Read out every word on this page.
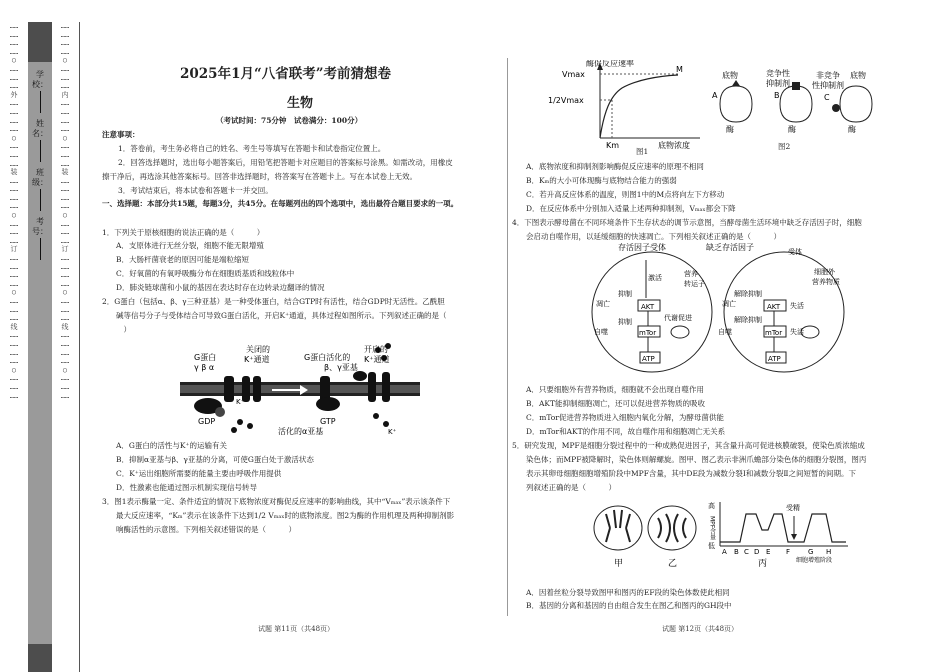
……
……
……
……
○
……
……
……
外
……
……
……
……
○
……
……
……
装
……
……
……
……
○
……
……
……
订
……
……
……
……
○
……
……
……
线
……
……
……
……
○
……
……
……
学校：
姓名：
班级：
考号：
……
……
……
……
○
……
……
……
内
……
……
……
……
○
……
……
……
装
……
……
……
……
○
……
……
……
订
……
……
……
……
○
……
……
……
线
……
……
……
……
○
……
……
……
2025年1月“八省联考”考前猜想卷
生物
（考试时间：75分钟　试卷满分：100分）
注意事项：
1．答卷前，考生务必将自己的姓名、考生号等填写在答题卡和试卷指定位置上。
2．回答选择题时，选出每小题答案后，用铅笔把答题卡对应题目的答案标号涂黑。如需改动，用橡皮
擦干净后，再选涂其他答案标号。回答非选择题时，将答案写在答题卡上。写在本试卷上无效。
3．考试结束后，将本试卷和答题卡一并交回。
一、选择题：本部分共15题，每题3分，共45分。在每题列出的四个选项中，选出最符合题目要求的一项。
1．下列关于原核细胞的说法正确的是（　　　）
A．支原体进行无丝分裂，细胞不能无限增殖
B．大肠杆菌衰老的原因可能是端粒缩短
C．好氧菌的有氧呼吸酶分布在细胞质基质和线粒体中
D．肺炎链球菌和小鼠的基因在表达时存在边转录边翻译的情况
2．G蛋白（包括α、β、γ三种亚基）是一种受体蛋白，结合GTP时有活性，结合GDP时无活性。乙酰胆
碱等信号分子与受体结合可导致G蛋白活化，开启K⁺通道，具体过程如图所示。下列叙述正确的是（
　）
G蛋白
γ β α
关闭的
K⁺通道	G蛋白活化的
β、γ亚基
开启的
K⁺通道
GDP	GTP
K⁺
K⁺
活化的α亚基
A．G蛋白的活性与K⁺的运输有关
B．抑制α亚基与β、γ亚基的分离，可使G蛋白处于激活状态
C．K⁺运出细胞所需要的能量主要由呼吸作用提供
D．性激素也能通过图示机制实现信号转导
3．图1表示酶量一定、条件适宜的情况下底物浓度对酶促反应速率的影响曲线，其中“Vₘₐₓ”表示该条件下
最大反应速率，“Kₘ”表示在该条件下达到1/2 Vₘₐₓ时的底物浓度。图2为酶的作用机理及两种抑制剂影
响酶活性的示意图。下列相关叙述错误的是（　　　）
试题 第11页（共48页）
酶促反应速率
Vmax
1/2Vmax
Km	底物浓度
M
图1
底物
A
酶
竞争性
抑制剂
B
酶
非竞争
性抑制剂
C
底物
酶
图2
A．底物浓度和抑制剂影响酶促反应速率的原理不相同
B．Kₘ的大小可体现酶与底物结合能力的强弱
C．若升高反应体系的温度，则图1中的M点将向左下方移动
D．在反应体系中分别加入适量上述两种抑制剂，Vₘₐₓ都会下降
4．下图表示酵母菌在不同环境条件下生存状态的调节示意图，当酵母菌生活环境中缺乏存活因子时，细胞
会启动自噬作用，以延缓细胞的快速凋亡。下列相关叙述正确的是（　　　）
存活因子受体	缺乏存活因子	受体
激活	营养
转运子
抑制
凋亡	AKT
代谢促进
抑制
自噬	mTor
ATP
细胞外
营养物质
解除抑制
凋亡	AKT 失活
解除抑制
自噬	mTor 失活
ATP
A．只要细胞外有营养物质，细胞就不会出现自噬作用
B．AKT能抑制细胞凋亡，还可以促进营养物质的吸收
C．mTor促进营养物质进入细胞内氧化分解，为酵母菌供能
D．mTor和AKT的作用不同，故自噬作用和细胞凋亡无关系
5．研究发现，MPF是细胞分裂过程中的一种成熟促进因子，其含量升高可促进核膜破裂，使染色质浓缩成
染色体；而MPF被降解时，染色体则解螺旋。图甲、图乙表示非洲爪蟾部分染色体的细胞分裂图，图丙
表示其卵母细胞细胞增殖阶段中MPF含量，其中DE段为减数分裂Ⅰ和减数分裂Ⅱ之间短暂的间期。下
列叙述正确的是（　　　）
甲	乙
高
低
MPF含量
受精
A B C D E F	G H
细胞增殖阶段
丙
A．因着丝粒分裂导致图甲和图丙的EF段的染色体数使此相同
B．基因的分离和基因的自由组合发生在图乙和图丙的GH段中
试题 第12页（共48页）
